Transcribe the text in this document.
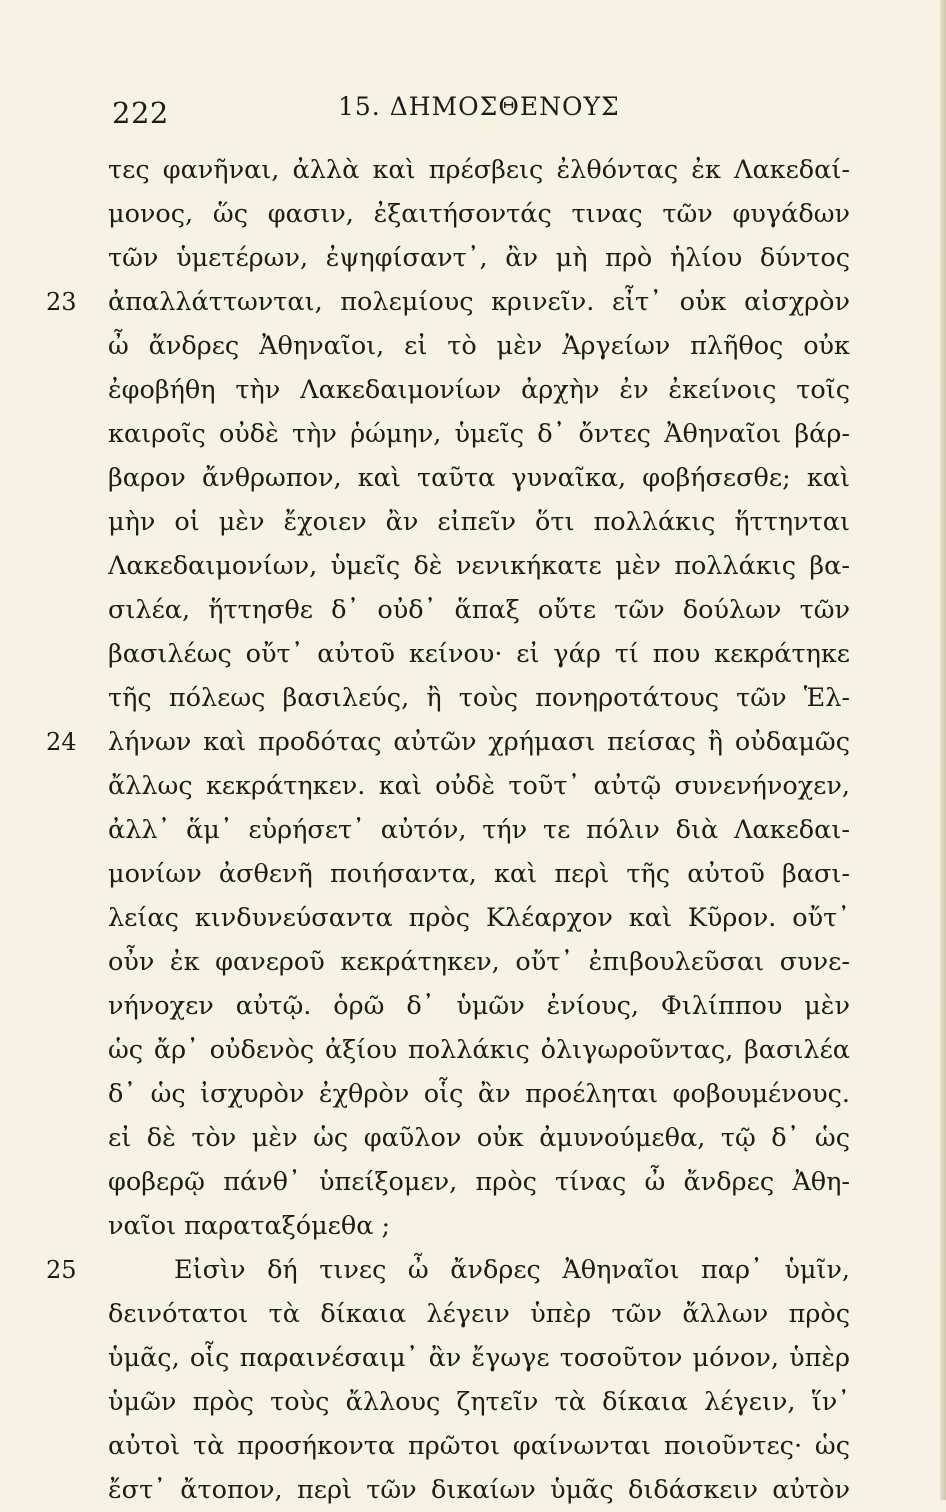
222	15. ΔΗΜΟΣΘΕΝΟΥΣ
23
24
25
τες φανῆναι, ἀλλὰ καὶ πρέσβεις ἐλθόντας ἐκ Λακεδαί-
μονος, ὥς φασιν, ἐξαιτήσοντάς τινας τῶν φυγάδων
τῶν ὑμετέρων, ἐψηφίσαντ᾽, ἂν μὴ πρὸ ἡλίου δύντος
ἀπαλλάττωνται, πολεμίους κρινεῖν. εἶτ᾽ οὐκ αἰσχρὸν
ὦ ἄνδρες Ἀθηναῖοι, εἰ τὸ μὲν Ἀργείων πλῆθος οὐκ
ἐφοβήθη τὴν Λακεδαιμονίων ἀρχὴν ἐν ἐκείνοις τοῖς
καιροῖς οὐδὲ τὴν ῥώμην, ὑμεῖς δ᾽ ὄντες Ἀθηναῖοι βάρ-
βαρον ἄνθρωπον, καὶ ταῦτα γυναῖκα, φοβήσεσθε; καὶ
μὴν οἱ μὲν ἔχοιεν ἂν εἰπεῖν ὅτι πολλάκις ἥττηνται
Λακεδαιμονίων, ὑμεῖς δὲ νενικήκατε μὲν πολλάκις βα-
σιλέα, ἥττησθε δ᾽ οὐδ᾽ ἅπαξ οὔτε τῶν δούλων τῶν
βασιλέως οὔτ᾽ αὐτοῦ κείνου· εἰ γάρ τί που κεκράτηκε
τῆς πόλεως βασιλεύς, ἢ τοὺς πονηροτάτους τῶν Ἑλ-
λήνων καὶ προδότας αὐτῶν χρήμασι πείσας ἢ οὐδαμῶς
ἄλλως κεκράτηκεν. καὶ οὐδὲ τοῦτ᾽ αὐτῷ συνενήνοχεν,
ἀλλ᾽ ἅμ᾽ εὑρήσετ᾽ αὐτόν, τήν τε πόλιν διὰ Λακεδαι-
μονίων ἀσθενῆ ποιήσαντα, καὶ περὶ τῆς αὐτοῦ βασι-
λείας κινδυνεύσαντα πρὸς Κλέαρχον καὶ Κῦρον. οὔτ᾽
οὖν ἐκ φανεροῦ κεκράτηκεν, οὔτ᾽ ἐπιβουλεῦσαι συνε-
νήνοχεν αὐτῷ. ὁρῶ δ᾽ ὑμῶν ἐνίους, Φιλίππου μὲν
ὡς ἄρ᾽ οὐδενὸς ἀξίου πολλάκις ὀλιγωροῦντας, βασιλέα
δ᾽ ὡς ἰσχυρὸν ἐχθρὸν οἷς ἂν προέληται φοβουμένους.
εἰ δὲ τὸν μὲν ὡς φαῦλον οὐκ ἀμυνούμεθα, τῷ δ᾽ ὡς
φοβερῷ πάνθ᾽ ὑπείξομεν, πρὸς τίνας ὦ ἄνδρες Ἀθη-
ναῖοι παραταξόμεθα ;
Εἰσὶν δή τινες ὦ ἄνδρες Ἀθηναῖοι παρ᾽ ὑμῖν,
δεινότατοι τὰ δίκαια λέγειν ὑπὲρ τῶν ἄλλων πρὸς
ὑμᾶς, οἷς παραινέσαιμ᾽ ἂν ἔγωγε τοσοῦτον μόνον, ὑπὲρ
ὑμῶν πρὸς τοὺς ἄλλους ζητεῖν τὰ δίκαια λέγειν, ἵν᾽
αὐτοὶ τὰ προσήκοντα πρῶτοι φαίνωνται ποιοῦντες· ὡς
ἔστ᾽ ἄτοπον, περὶ τῶν δικαίων ὑμᾶς διδάσκειν αὐτὸν
